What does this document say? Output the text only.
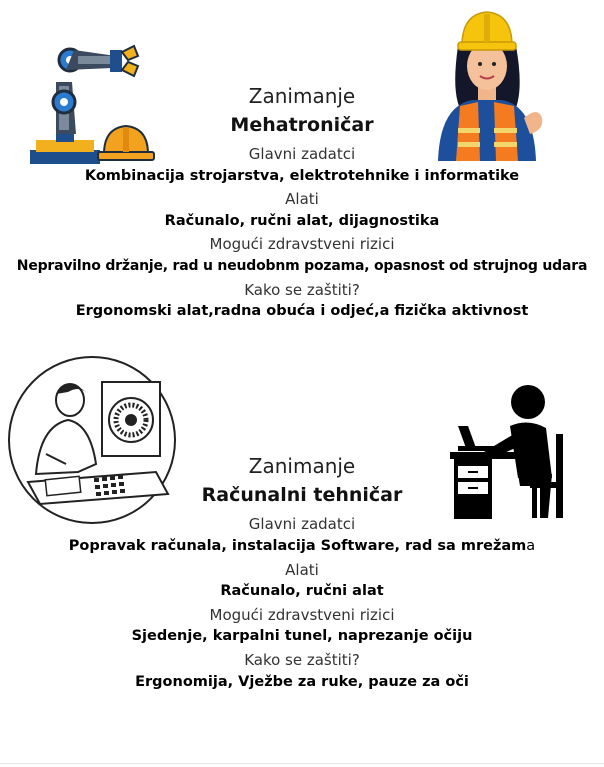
Zanimanje
Mehatroničar
Glavni zadatci
Kombinacija strojarstva, elektrotehnike i informatike
Alati
Računalo, ručni alat, dijagnostika
Mogući zdravstveni rizici
Nepravilno držanje, rad u neudobnm pozama, opasnost od strujnog udara
Kako se zaštiti?
Ergonomski alat,radna obuća i odjeć,a fizička aktivnost
Zanimanje
Računalni tehničar
Glavni zadatci
Popravak računala, instalacija Software, rad sa mrežama
Alati
Računalo, ručni alat
Mogući zdravstveni rizici
Sjedenje, karpalni tunel, naprezanje očiju
Kako se zaštiti?
Ergonomija, Vježbe za ruke, pauze za oči
